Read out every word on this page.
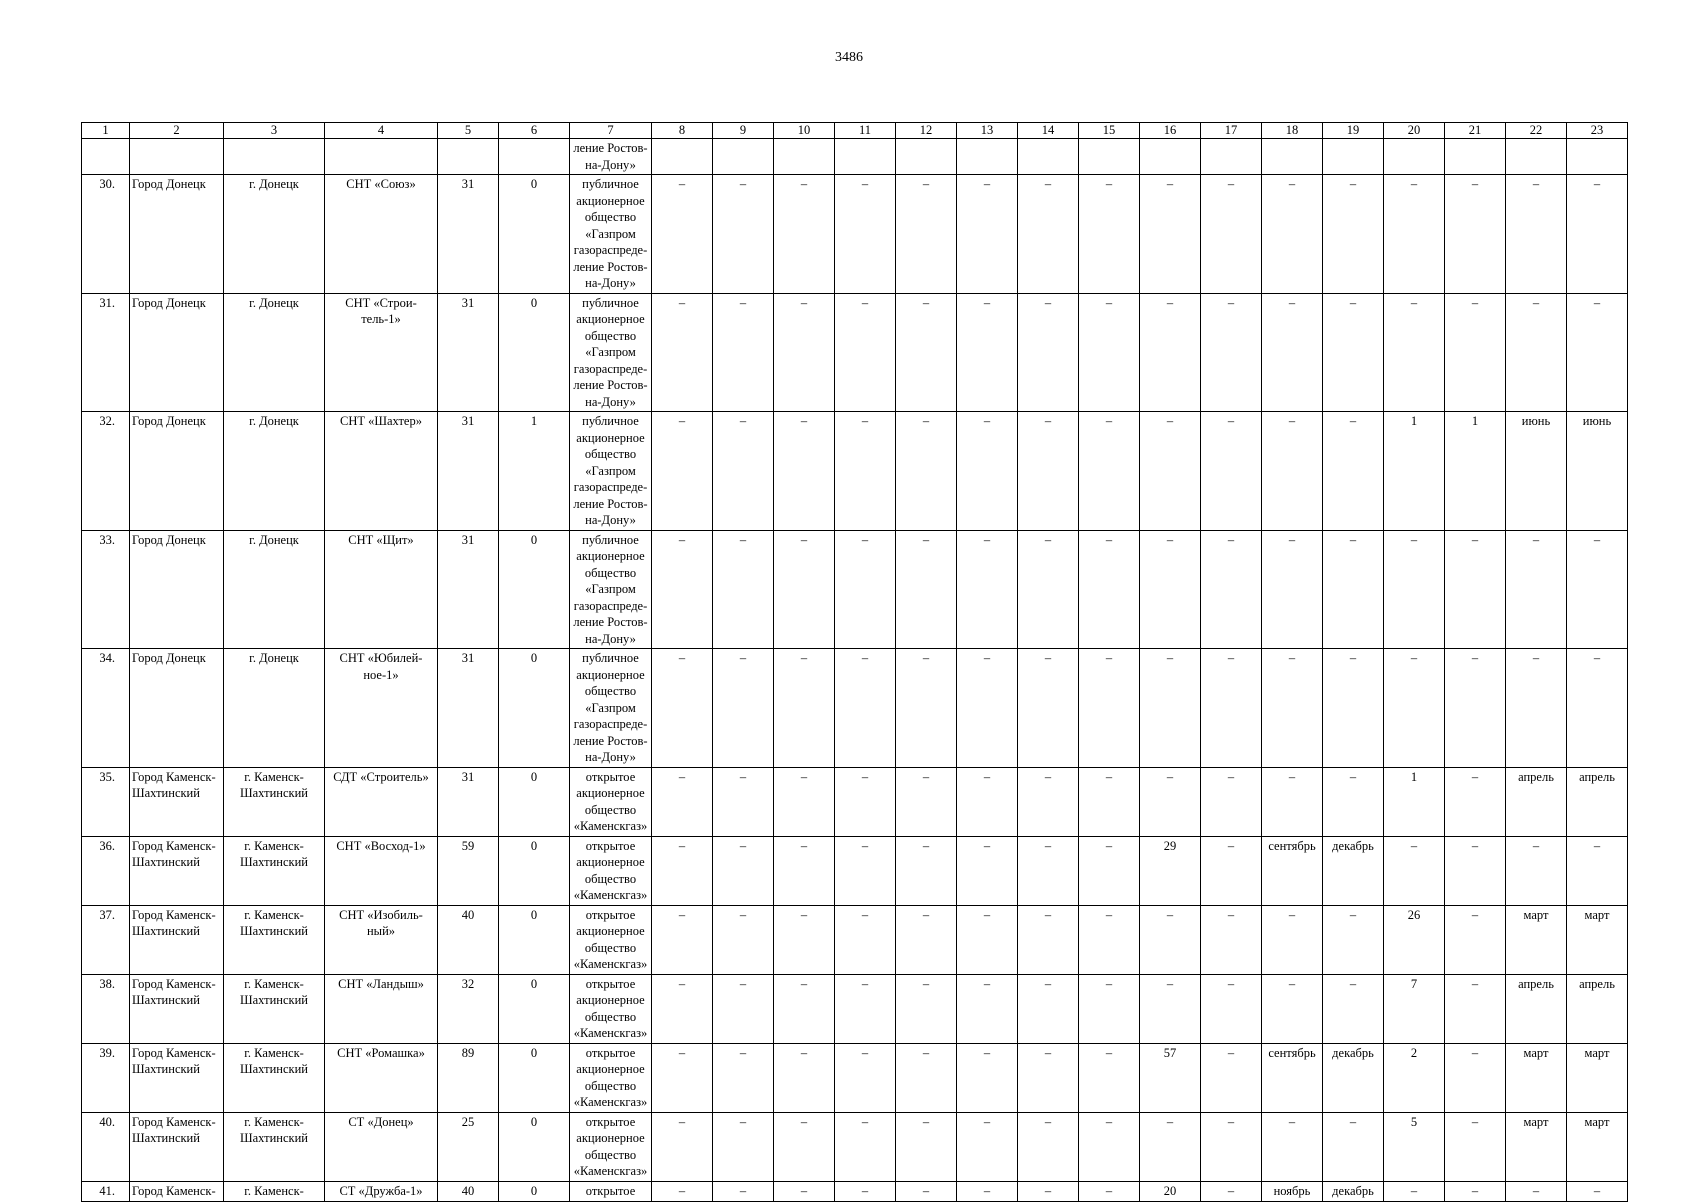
3486
1	2	3	4	5	6	7	8	9	10	11	12	13	14	15	16	17	18	19	20	21	22	23
						ление Ростов-на-Дону»																
30.	Город Донецк	г. Донецк	СНТ «Союз»	31	0	публичное акционерное общество «Газпром газораспреде-ление Ростов-на-Дону»	–	–	–	–	–	–	–	–	–	–	–	–	–	–	–	–
31.	Город Донецк	г. Донецк	СНТ «Строи-тель-1»	31	0	публичное акционерное общество «Газпром газораспреде-ление Ростов-на-Дону»	–	–	–	–	–	–	–	–	–	–	–	–	–	–	–	–
32.	Город Донецк	г. Донецк	СНТ «Шахтер»	31	1	публичное акционерное общество «Газпром газораспреде-ление Ростов-на-Дону»	–	–	–	–	–	–	–	–	–	–	–	–	1	1	июнь	июнь
33.	Город Донецк	г. Донецк	СНТ «Щит»	31	0	публичное акционерное общество «Газпром газораспреде-ление Ростов-на-Дону»	–	–	–	–	–	–	–	–	–	–	–	–	–	–	–	–
34.	Город Донецк	г. Донецк	СНТ «Юбилей-ное-1»	31	0	публичное акционерное общество «Газпром газораспреде-ление Ростов-на-Дону»	–	–	–	–	–	–	–	–	–	–	–	–	–	–	–	–
35.	Город Каменск-Шахтинский	г. Каменск-Шахтинский	СДТ «Строитель»	31	0	открытое акционерное общество «Каменскгаз»	–	–	–	–	–	–	–	–	–	–	–	–	1	–	апрель	апрель
36.	Город Каменск-Шахтинский	г. Каменск-Шахтинский	СНТ «Восход-1»	59	0	открытое акционерное общество «Каменскгаз»	–	–	–	–	–	–	–	–	29	–	сентябрь	декабрь	–	–	–	–
37.	Город Каменск-Шахтинский	г. Каменск-Шахтинский	СНТ «Изобиль-ный»	40	0	открытое акционерное общество «Каменскгаз»	–	–	–	–	–	–	–	–	–	–	–	–	26	–	март	март
38.	Город Каменск-Шахтинский	г. Каменск-Шахтинский	СНТ «Ландыш»	32	0	открытое акционерное общество «Каменскгаз»	–	–	–	–	–	–	–	–	–	–	–	–	7	–	апрель	апрель
39.	Город Каменск-Шахтинский	г. Каменск-Шахтинский	СНТ «Ромашка»	89	0	открытое акционерное общество «Каменскгаз»	–	–	–	–	–	–	–	–	57	–	сентябрь	декабрь	2	–	март	март
40.	Город Каменск-Шахтинский	г. Каменск-Шахтинский	СТ «Донец»	25	0	открытое акционерное общество «Каменскгаз»	–	–	–	–	–	–	–	–	–	–	–	–	5	–	март	март
41.	Город Каменск-	г. Каменск-	СТ «Дружба-1»	40	0	открытое	–	–	–	–	–	–	–	–	20	–	ноябрь	декабрь	–	–	–	–
